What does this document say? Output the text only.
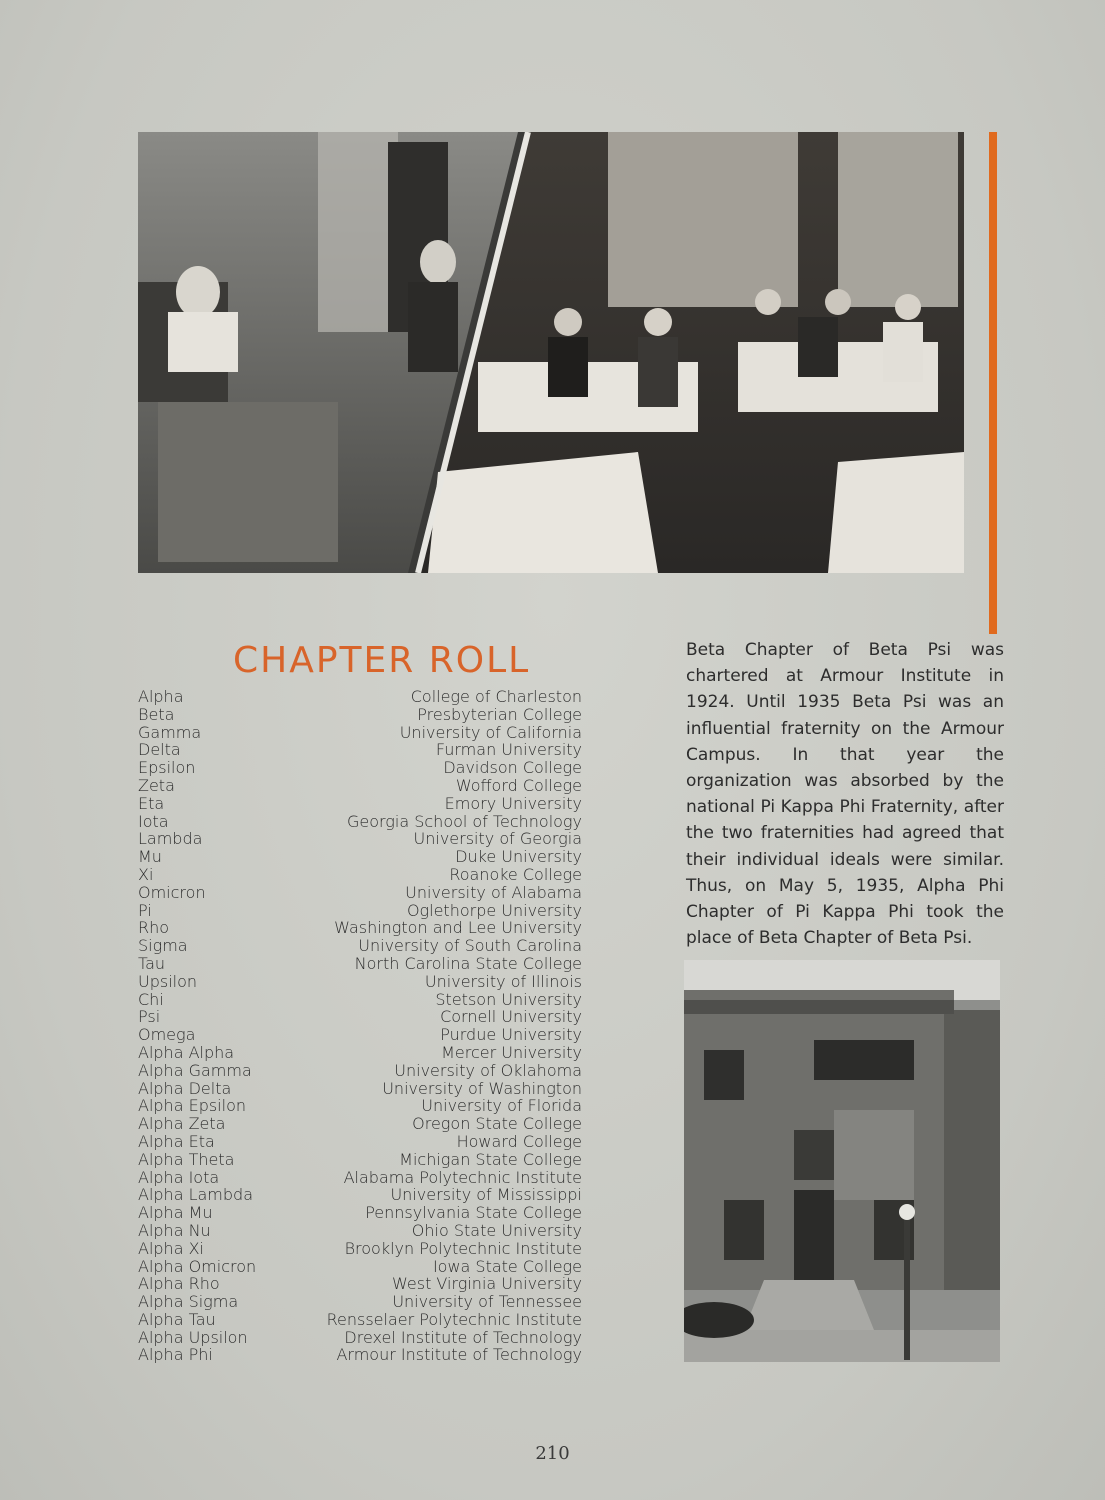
CHAPTER ROLL
Alpha	College of Charleston
Beta	Presbyterian College
Gamma	University of California
Delta	Furman University
Epsilon	Davidson College
Zeta	Wofford College
Eta	Emory University
Iota	Georgia School of Technology
Lambda	University of Georgia
Mu	Duke University
Xi	Roanoke College
Omicron	University of Alabama
Pi	Oglethorpe University
Rho	Washington and Lee University
Sigma	University of South Carolina
Tau	North Carolina State College
Upsilon	University of Illinois
Chi	Stetson University
Psi	Cornell University
Omega	Purdue University
Alpha Alpha	Mercer University
Alpha Gamma	University of Oklahoma
Alpha Delta	University of Washington
Alpha Epsilon	University of Florida
Alpha Zeta	Oregon State College
Alpha Eta	Howard College
Alpha Theta	Michigan State College
Alpha Iota	Alabama Polytechnic Institute
Alpha Lambda	University of Mississippi
Alpha Mu	Pennsylvania State College
Alpha Nu	Ohio State University
Alpha Xi	Brooklyn Polytechnic Institute
Alpha Omicron	Iowa State College
Alpha Rho	West Virginia University
Alpha Sigma	University of Tennessee
Alpha Tau	Rensselaer Polytechnic Institute
Alpha Upsilon	Drexel Institute of Technology
Alpha Phi	Armour Institute of Technology

Beta Chapter of Beta Psi was chartered at Armour Institute in 1924. Until 1935 Beta Psi was an influential fraternity on the Armour Campus. In that year the organization was absorbed by the national Pi Kappa Phi Fraternity, after the two fraternities had agreed that their individual ideals were similar. Thus, on May 5, 1935, Alpha Phi Chapter of Pi Kappa Phi took the place of Beta Chapter of Beta Psi.

210
